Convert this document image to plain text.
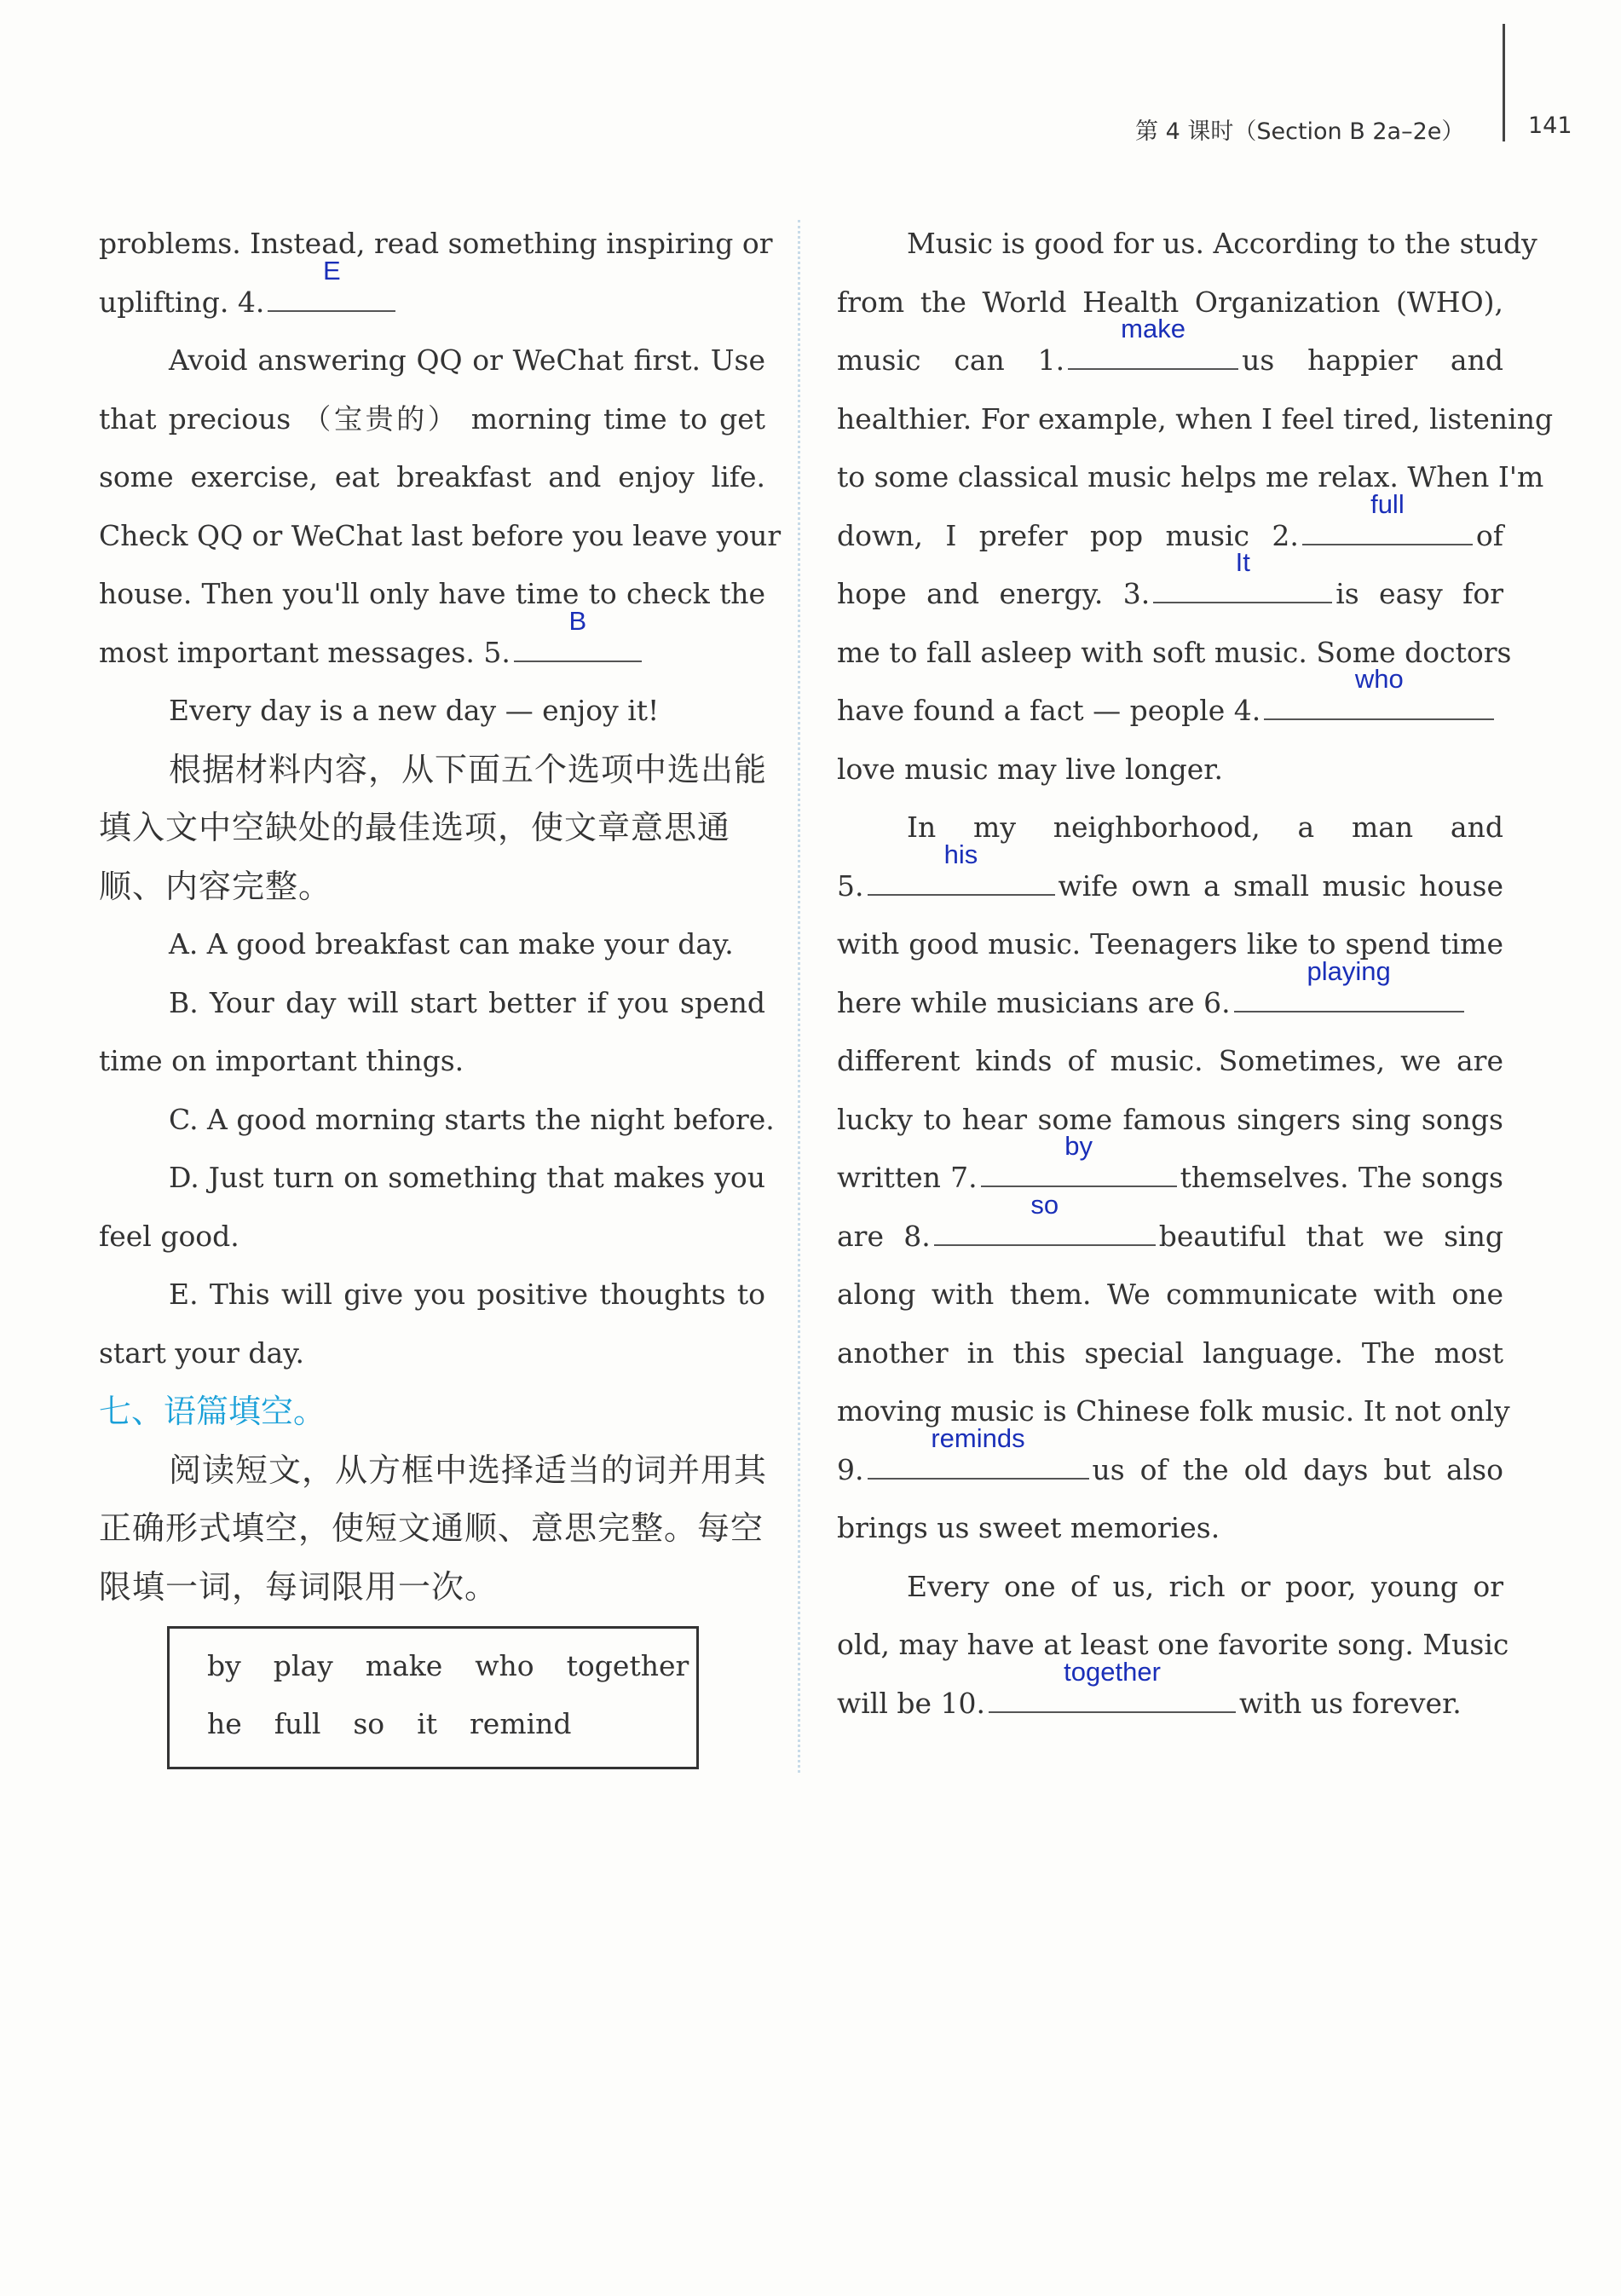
第 4 课时（Section B 2a–2e）	141
problems. Instead, read something inspiring or
uplifting. 4.
E
Avoid answering QQ or WeChat first. Use
that precious （宝贵的） morning time to get
some exercise, eat breakfast and enjoy life.
Check QQ or WeChat last before you leave your
house. Then you'll only have time to check the
most important messages. 5.
B
Every day is a new day — enjoy it!
根据材料内容，从下面五个选项中选出能
填入文中空缺处的最佳选项，使文章意思通
顺、内容完整。
A. A good breakfast can make your day.
B. Your day will start better if you spend
time on important things.
C. A good morning starts the night before.
D. Just turn on something that makes you
feel good.
E. This will give you positive thoughts to
start your day.
七、语篇填空。
阅读短文，从方框中选择适当的词并用其
正确形式填空，使短文通顺、意思完整。每空
限填一词，每词限用一次。
by play make who together
he full so it remind
Music is good for us. According to the study
from the World Health Organization (WHO),
music can 1.
make
us happier and
healthier. For example, when I feel tired, listening
to some classical music helps me relax. When I'm
down, I prefer pop music 2.
full
of
hope and energy. 3.
It
is easy for
me to fall asleep with soft music. Some doctors
have found a fact — people 4.
who
love music may live longer.
In my neighborhood, a man and
5.
his
wife own a small music house
with good music. Teenagers like to spend time
here while musicians are 6.
playing
different kinds of music. Sometimes, we are
lucky to hear some famous singers sing songs
written 7.
by
themselves. The songs
are 8.
so
beautiful that we sing
along with them. We communicate with one
another in this special language. The most
moving music is Chinese folk music. It not only
9.
reminds
us of the old days but also
brings us sweet memories.
Every one of us, rich or poor, young or
old, may have at least one favorite song. Music
will be 10.
together
with us forever.
